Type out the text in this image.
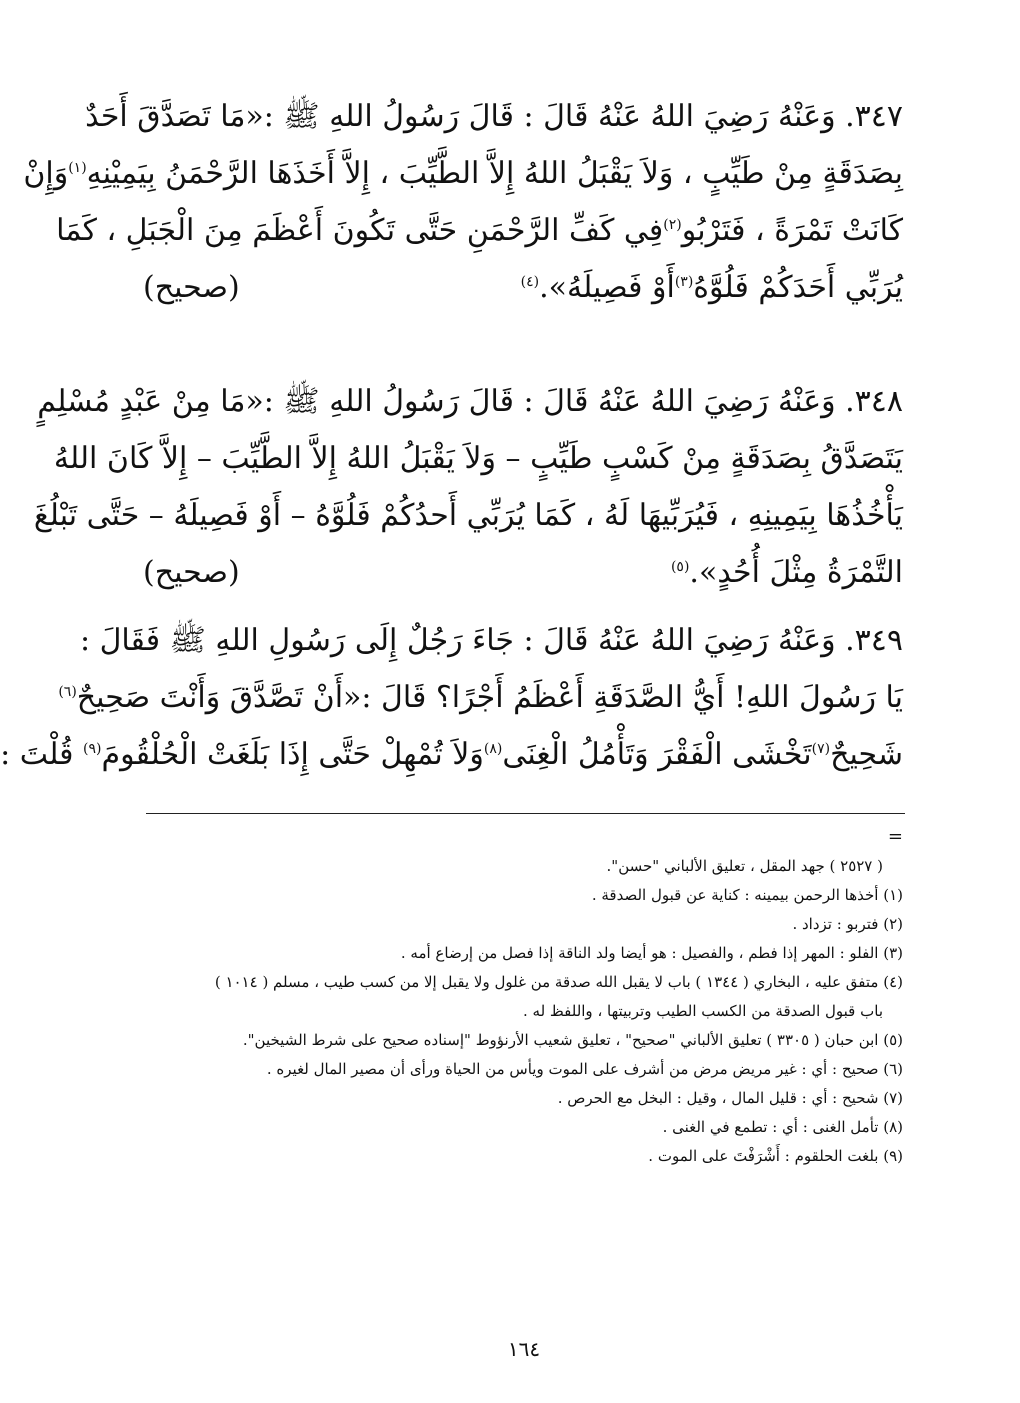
٣٤٧. وَعَنْهُ رَضِيَ اللهُ عَنْهُ قَالَ : قَالَ رَسُولُ اللهِ ﷺ :«مَا تَصَدَّقَ أَحَدٌ
بِصَدَقَةٍ مِنْ طَيِّبٍ ، وَلاَ يَقْبَلُ اللهُ إِلاَّ الطَّيِّبَ ، إِلاَّ أَخَذَهَا الرَّحْمَنُ بِيَمِيْنِهِ$^{(١)}$وَإِنْ
كَانَتْ تَمْرَةً ، فَتَرْبُو$^{(٢)}$فِي كَفِّ الرَّحْمَنِ حَتَّى تَكُونَ أَعْظَمَ مِنَ الْجَبَلِ ، كَمَا
يُرَبِّي أَحَدَكُمْ فَلُوَّهُ$^{(٣)}$أَوْ فَصِيلَهُ».$^{(٤)}$
(صحيح)
٣٤٨. وَعَنْهُ رَضِيَ اللهُ عَنْهُ قَالَ : قَالَ رَسُولُ اللهِ ﷺ :«مَا مِنْ عَبْدٍ مُسْلِمٍ
يَتَصَدَّقُ بِصَدَقَةٍ مِنْ كَسْبٍ طَيِّبٍ – وَلاَ يَقْبَلُ اللهُ إِلاَّ الطَّيِّبَ – إِلاَّ كَانَ اللهُ
يَأْخُذُهَا بِيَمِينِهِ ، فَيُرَبِّيهَا لَهُ ، كَمَا يُرَبِّي أَحدُكُمْ فَلُوَّهُ – أَوْ فَصِيلَهُ – حَتَّى تَبْلُغَ
التَّمْرَةُ مِثْلَ أُحُدٍ».$^{(٥)}$
(صحيح)
٣٤٩. وَعَنْهُ رَضِيَ اللهُ عَنْهُ قَالَ : جَاءَ رَجُلٌ إِلَى رَسُولِ اللهِ ﷺ فَقَالَ :
يَا رَسُولَ اللهِ! أَيُّ الصَّدَقَةِ أَعْظَمُ أَجْرًا؟ قَالَ :«أَنْ تَصَّدَّقَ وَأَنْتَ صَحِيحٌ$^{(٦)}$
شَحِيحٌ$^{(٧)}$تَخْشَى الْفَقْرَ وَتَأْمُلُ الْغِنَى$^{(٨)}$وَلاَ تُمْهِلْ حَتَّى إِذَا بَلَغَتْ الْحُلْقُومَ$^{(٩)}$ قُلْتَ :
=
( ٢٥٢٧ ) جهد المقل ، تعليق الألباني "حسن".
(١) أخذها الرحمن بيمينه : كناية عن قبول الصدقة .
(٢) فتربو : تزداد .
(٣) الفلو : المهر إذا فطم ، والفصيل : هو أيضا ولد الناقة إذا فصل من إرضاع أمه .
(٤) متفق عليه ، البخاري ( ١٣٤٤ ) باب لا يقبل الله صدقة من غلول ولا يقبل إلا من كسب طيب ، مسلم ( ١٠١٤ )
باب قبول الصدقة من الكسب الطيب وتربيتها ، واللفظ له .
(٥) ابن حبان ( ٣٣٠٥ ) تعليق الألباني "صحيح" ، تعليق شعيب الأرنؤوط "إسناده صحيح على شرط الشيخين".
(٦) صحيح : أي : غير مريض مرض من أشرف على الموت ويأس من الحياة ورأى أن مصير المال لغيره .
(٧) شحيح : أي : قليل المال ، وقيل : البخل مع الحرص .
(٨) تأمل الغنى : أي : تطمع في الغنى .
(٩) بلغت الحلقوم : أَشْرَفْتَ على الموت .
١٦٤
